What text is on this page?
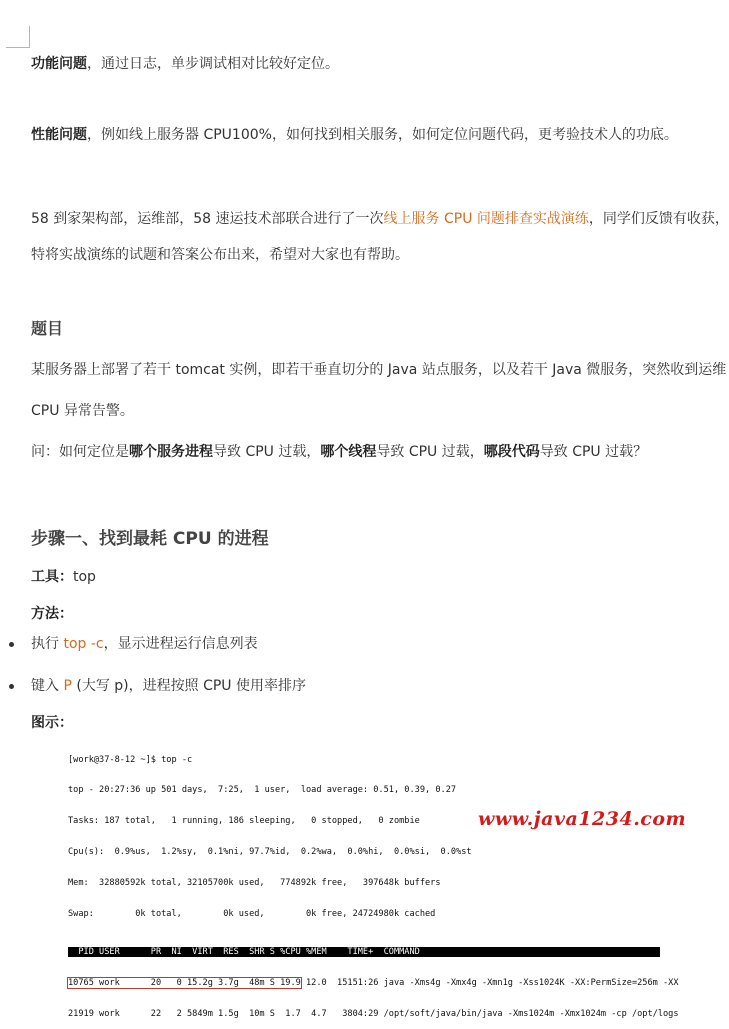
功能问题，通过日志，单步调试相对比较好定位。
性能问题，例如线上服务器 CPU100%，如何找到相关服务，如何定位问题代码，更考验技术人的功底。
58 到家架构部，运维部，58 速运技术部联合进行了一次线上服务 CPU 问题排查实战演练，同学们反馈有收获，
特将实战演练的试题和答案公布出来，希望对大家也有帮助。
题目
某服务器上部署了若干 tomcat 实例，即若干垂直切分的 Java 站点服务，以及若干 Java 微服务，突然收到运维
CPU 异常告警。
问：如何定位是哪个服务进程导致 CPU 过载，哪个线程导致 CPU 过载，哪段代码导致 CPU 过载？
步骤一、找到最耗 CPU 的进程
工具：top
方法：
执行 top -c，显示进程运行信息列表
键入 P (大写 p)，进程按照 CPU 使用率排序
图示：

[work@37-8-12 ~]$ top -c

top - 20:27:36 up 501 days,  7:25,  1 user,  load average: 0.51, 0.39, 0.27

Tasks: 187 total,   1 running, 186 sleeping,   0 stopped,   0 zombie

Cpu(s):  0.9%us,  1.2%sy,  0.1%ni, 97.7%id,  0.2%wa,  0.0%hi,  0.0%si,  0.0%st

Mem:  32880592k total, 32105700k used,   774892k free,   397648k buffers

Swap:        0k total,        0k used,        0k free, 24724980k cached

PID USER      PR  NI  VIRT  RES  SHR S %CPU %MEM    TIME+  COMMAND

10765 work      20   0 15.2g 3.7g  48m S 19.9 12.0  15151:26 java -Xms4g -Xmx4g -Xmn1g -Xss1024K -XX:PermSize=256m -XX

21919 work      22   2 5849m 1.5g  10m S  1.7  4.7   3804:29 /opt/soft/java/bin/java -Xms1024m -Xmx1024m -cp /opt/logs

www.java1234.com
